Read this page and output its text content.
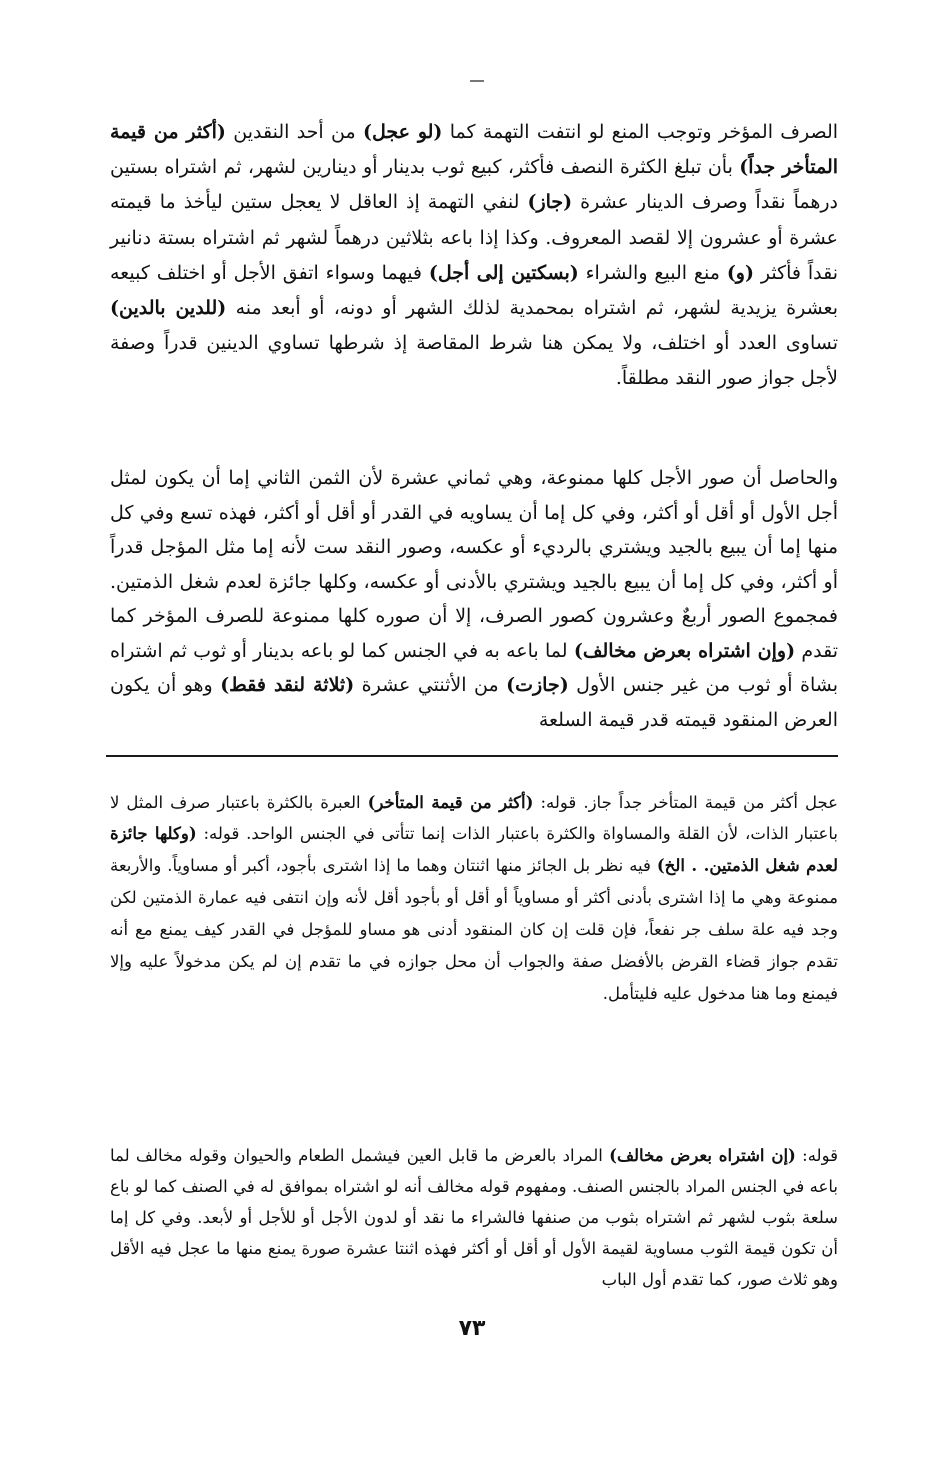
الصرف المؤخر وتوجب المنع لو انتفت التهمة كما (لو عجل) من أحد النقدين (أكثر من قيمة المتأخر جداً) بأن تبلغ الكثرة النصف فأكثر، كبيع ثوب بدينار أو دينارين لشهر، ثم اشتراه بستين درهماً نقداً وصرف الدينار عشرة (جاز) لنفي التهمة إذ العاقل لا يعجل ستين ليأخذ ما قيمته عشرة أو عشرون إلا لقصد المعروف. وكذا إذا باعه بثلاثين درهماً لشهر ثم اشتراه بستة دنانير نقداً فأكثر (و) منع البيع والشراء (بسكتين إلى أجل) فيهما وسواء اتفق الأجل أو اختلف كبيعه بعشرة يزيدية لشهر، ثم اشتراه بمحمدية لذلك الشهر أو دونه، أو أبعد منه (للدين بالدين) تساوى العدد أو اختلف، ولا يمكن هنا شرط المقاصة إذ شرطها تساوي الدينين قدراً وصفة لأجل جواز صور النقد مطلقاً.

والحاصل أن صور الأجل كلها ممنوعة، وهي ثماني عشرة لأن الثمن الثاني إما أن يكون لمثل أجل الأول أو أقل أو أكثر، وفي كل إما أن يساويه في القدر أو أقل أو أكثر، فهذه تسع وفي كل منها إما أن يبيع بالجيد ويشتري بالرديء أو عكسه، وصور النقد ست لأنه إما مثل المؤجل قدراً أو أكثر، وفي كل إما أن يبيع بالجيد ويشتري بالأدنى أو عكسه، وكلها جائزة لعدم شغل الذمتين. فمجموع الصور أربعٌ وعشرون كصور الصرف، إلا أن صوره كلها ممنوعة للصرف المؤخر كما تقدم (وإن اشتراه بعرض مخالف) لما باعه به في الجنس كما لو باعه بدينار أو ثوب ثم اشتراه بشاة أو ثوب من غير جنس الأول (جازت) من الأثنتي عشرة (ثلاثة لنقد فقط) وهو أن يكون العرض المنقود قيمته قدر قيمة السلعة

عجل أكثر من قيمة المتأخر جداً جاز. قوله: (أكثر من قيمة المتأخر) العبرة بالكثرة باعتبار صرف المثل لا باعتبار الذات، لأن القلة والمساواة والكثرة باعتبار الذات إنما تتأتى في الجنس الواحد. قوله: (وكلها جائزة لعدم شغل الذمتين. . الخ) فيه نظر بل الجائز منها اثنتان وهما ما إذا اشترى بأجود، أكبر أو مساوياً. والأربعة ممنوعة وهي ما إذا اشترى بأدنى أكثر أو مساوياً أو أقل أو بأجود أقل لأنه وإن انتفى فيه عمارة الذمتين لكن وجد فيه علة سلف جر نفعاً، فإن قلت إن كان المنقود أدنى هو مساو للمؤجل في القدر كيف يمنع مع أنه تقدم جواز قضاء القرض بالأفضل صفة والجواب أن محل جوازه في ما تقدم إن لم يكن مدخولاً عليه وإلا فيمنع وما هنا مدخول عليه فليتأمل.

قوله: (إن اشتراه بعرض مخالف) المراد بالعرض ما قابل العين فيشمل الطعام والحيوان وقوله مخالف لما باعه في الجنس المراد بالجنس الصنف. ومفهوم قوله مخالف أنه لو اشتراه بموافق له في الصنف كما لو باع سلعة بثوب لشهر ثم اشتراه بثوب من صنفها فالشراء ما نقد أو لدون الأجل أو للأجل أو لأبعد. وفي كل إما أن تكون قيمة الثوب مساوية لقيمة الأول أو أقل أو أكثر فهذه اثنتا عشرة صورة يمنع منها ما عجل فيه الأقل وهو ثلاث صور، كما تقدم أول الباب

٧٣
